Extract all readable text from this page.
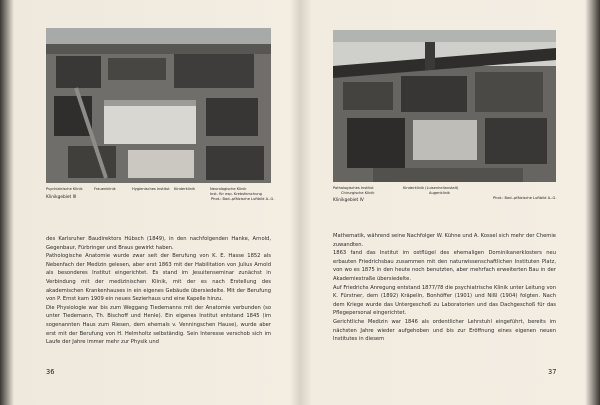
Psychiatrische Klinik	Frauenklinik	Hygienisches Institut Kinderklinik	Neurologische Klinik
Inst. für exp. Krebsforschung
Phot.: Bad.-pfälzische Luftbild A.-G.
Klinikgebiet III

des Karlsruher Baudirektors Hübsch (1849), in den nachfolgenden Hanke, Arnold, Gegenbaur, Fürbringer und Braus gewirkt haben.

Pathologische Anatomie wurde zwar seit der Berufung von K. E. Hasse 1852 als Nebenfach der Medizin gelesen, aber erst 1863 mit der Habilitation von Julius Arnold als besonderes Institut eingerichtet. Es stand im Jesuitenseminar zunächst in Verbindung mit der medizinischen Klinik, mit der es nach Erstellung des akademischen Krankenhauses in ein eigenes Gebäude übersiedelte. Mit der Berufung von P. Ernst kam 1909 ein neues Sezierhaus und eine Kapelle hinzu.

Die Physiologie war bis zum Weggang Tiedemanns mit der Anatomie verbunden (so unter Tiedemann, Th. Bischoff und Henle). Ein eigenes Institut entstand 1845 (im sogenannten Haus zum Riesen, dem ehemals v. Venningschen Hause), wurde aber erst mit der Berufung von H. Helmholtz selbständig. Sein Interesse verschob sich im Laufe der Jahre immer mehr zur Physik und

36
Pathologisches Institut
Chirurgische Klinik
Kinderklinik (Luisenheilanstalt)
Augenklinik
Phot.: Bad.-pfälzische Luftbild A.-G.
Klinikgebiet IV

Mathematik, während seine Nachfolger W. Kühne und A. Kossel sich mehr der Chemie zuwandten.

1863 fand das Institut im ostflügel des ehemaligen Dominikanerklosters neu erbauten Friedrichsbau zusammen mit den naturwissenschaftlichen Instituten Platz, von wo es 1875 in den heute noch benutzten, aber mehrfach erweiterten Bau in der Akademiestraße übersiedelte.

Auf Friedrichs Anregung entstand 1877/78 die psychiatrische Klinik unter Leitung von K. Fürstner, dem (1892) Kräpelin, Bonhöffer (1901) und Nißl (1904) folgten. Nach dem Kriege wurde das Untergeschoß zu Laboratorien und das Dachgeschoß für das Pflegepersonal eingerichtet.

Gerichtliche Medizin war 1846 als ordentlicher Lehrstuhl eingeführt, bereits im nächsten Jahre wieder aufgehoben und bis zur Eröffnung eines eigenen neuen Institutes in diesem

37
